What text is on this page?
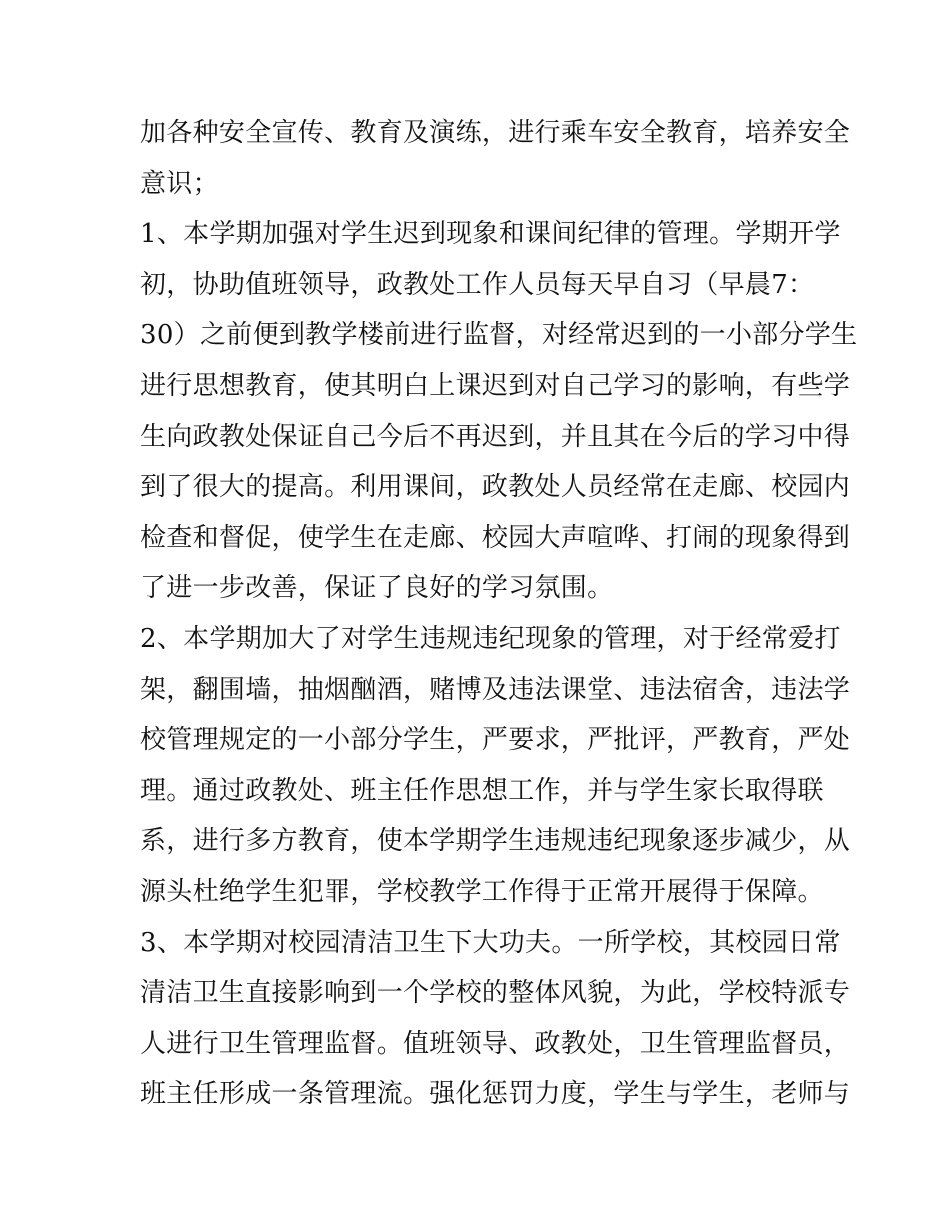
加各种安全宣传、教育及演练，进行乘车安全教育，培养安全
意识；
1、本学期加强对学生迟到现象和课间纪律的管理。学期开学
初，协助值班领导，政教处工作人员每天早自习（早晨7：
30）之前便到教学楼前进行监督，对经常迟到的一小部分学生
进行思想教育，使其明白上课迟到对自己学习的影响，有些学
生向政教处保证自己今后不再迟到，并且其在今后的学习中得
到了很大的提高。利用课间，政教处人员经常在走廊、校园内
检查和督促，使学生在走廊、校园大声喧哗、打闹的现象得到
了进一步改善，保证了良好的学习氛围。
2、本学期加大了对学生违规违纪现象的管理，对于经常爱打
架，翻围墙，抽烟酗酒，赌博及违法课堂、违法宿舍，违法学
校管理规定的一小部分学生，严要求，严批评，严教育，严处
理。通过政教处、班主任作思想工作，并与学生家长取得联
系，进行多方教育，使本学期学生违规违纪现象逐步减少，从
源头杜绝学生犯罪，学校教学工作得于正常开展得于保障。
3、本学期对校园清洁卫生下大功夫。一所学校，其校园日常
清洁卫生直接影响到一个学校的整体风貌，为此，学校特派专
人进行卫生管理监督。值班领导、政教处，卫生管理监督员，
班主任形成一条管理流。强化惩罚力度，学生与学生，老师与
